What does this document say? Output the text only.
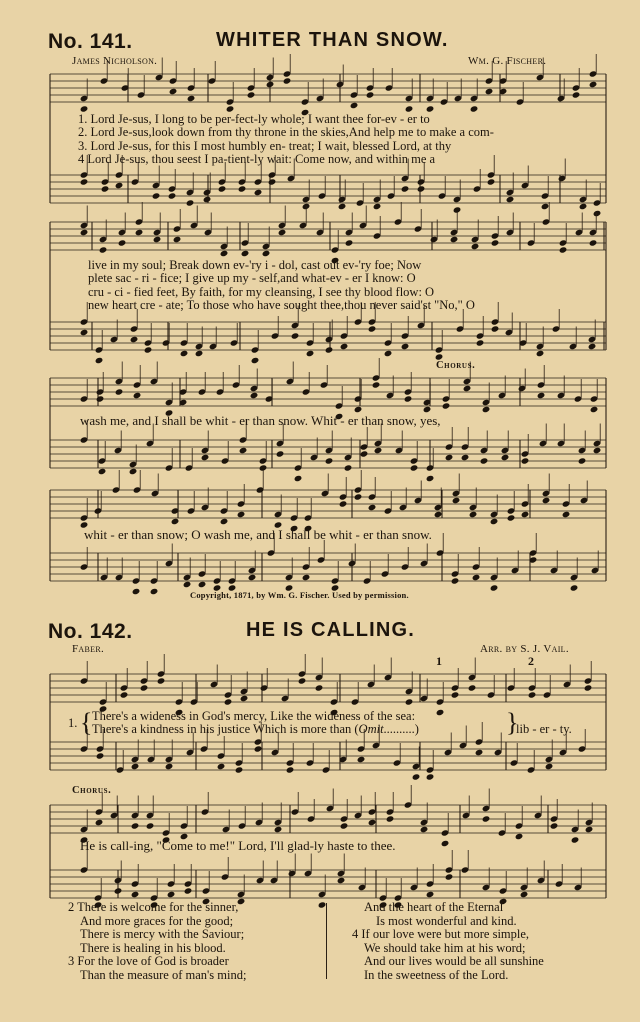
No. 141.	WHITER THAN SNOW.
James Nicholson.	Wm. G. Fischer.
1. Lord Je-sus, I long to be per-fect-ly whole; I want thee for-ev - er to
2. Lord Je-sus,look down from thy throne in the skies,And help me to make a com-
3. Lord Je-sus, for this I most humbly en- treat; I wait, blessed Lord, at thy
4 Lord Je-sus, thou seest I pa-tient-ly wait: Come now, and within me a
live in my soul; Break down ev-'ry i - dol, cast out ev-'ry foe; Now
plete sac - ri - fice; I give up my - self,and what-ev - er I know: O
cru - ci - fied feet, By faith, for my cleansing, I see thy blood flow: O
new heart cre - ate; To those who have sought thee,thou never said'st "No," O
Chorus.
wash me, and I shall be whit - er than snow. Whit - er than snow, yes,
whit - er than snow; O wash me, and I shall be whit - er than snow.
Copyright, 1871, by Wm. G. Fischer. Used by permission.
No. 142.	HE IS CALLING.
Faber.	Arr. by S. J. Vail.
1	2
1. { There's a wideness in God's mercy, Like the wideness of the sea:
There's a kindness in his justice Which is more than (Omit..........)	}
lib - er - ty.
Chorus.
He is call-ing, "Come to me!" Lord, I'll glad-ly haste to thee.
2 There is welcome for the sinner,
And more graces for the good;
There is mercy with the Saviour;
There is healing in his blood.
3 For the love of God is broader
Than the measure of man's mind;
And the heart of the Eternal
Is most wonderful and kind.
4 If our love were but more simple,
We should take him at his word;
And our lives would be all sunshine
In the sweetness of the Lord.
